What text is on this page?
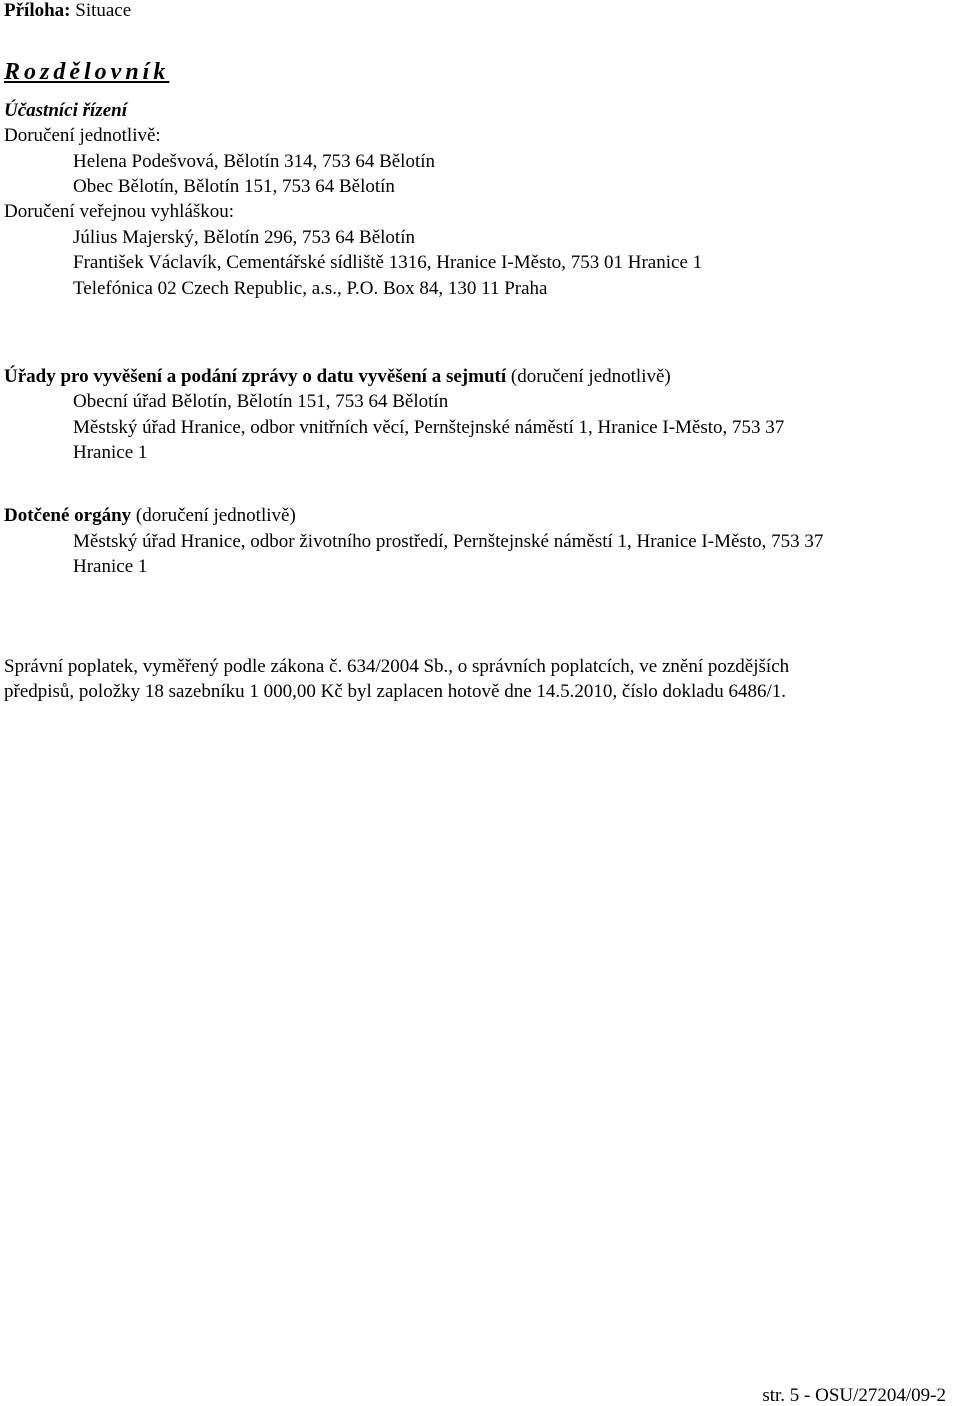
Příloha: Situace
Rozdělovník
Účastníci řízení
Doručení jednotlivě:
Helena Podešvová, Bělotín 314, 753 64 Bělotín
Obec Bělotín, Bělotín 151, 753 64 Bělotín
Doručení veřejnou vyhláškou:
Július Majerský, Bělotín 296, 753 64 Bělotín
František Václavík, Cementářské sídliště 1316, Hranice I-Město, 753 01 Hranice 1
Telefónica 02 Czech Republic, a.s., P.O. Box 84, 130 11 Praha
Úřady pro vyvěšení a podání zprávy o datu vyvěšení a sejmutí (doručení jednotlivě)
Obecní úřad Bělotín, Bělotín 151, 753 64 Bělotín
Městský úřad Hranice, odbor vnitřních věcí, Pernštejnské náměstí 1, Hranice I-Město, 753 37
Hranice 1
Dotčené orgány (doručení jednotlivě)
Městský úřad Hranice, odbor životního prostředí, Pernštejnské náměstí 1, Hranice I-Město, 753 37
Hranice 1
Správní poplatek, vyměřený podle zákona č. 634/2004 Sb., o správních poplatcích, ve znění pozdějších
předpisů, položky 18 sazebníku 1 000,00 Kč byl zaplacen hotově dne 14.5.2010, číslo dokladu 6486/1.
str. 5 - OSU/27204/09-2
